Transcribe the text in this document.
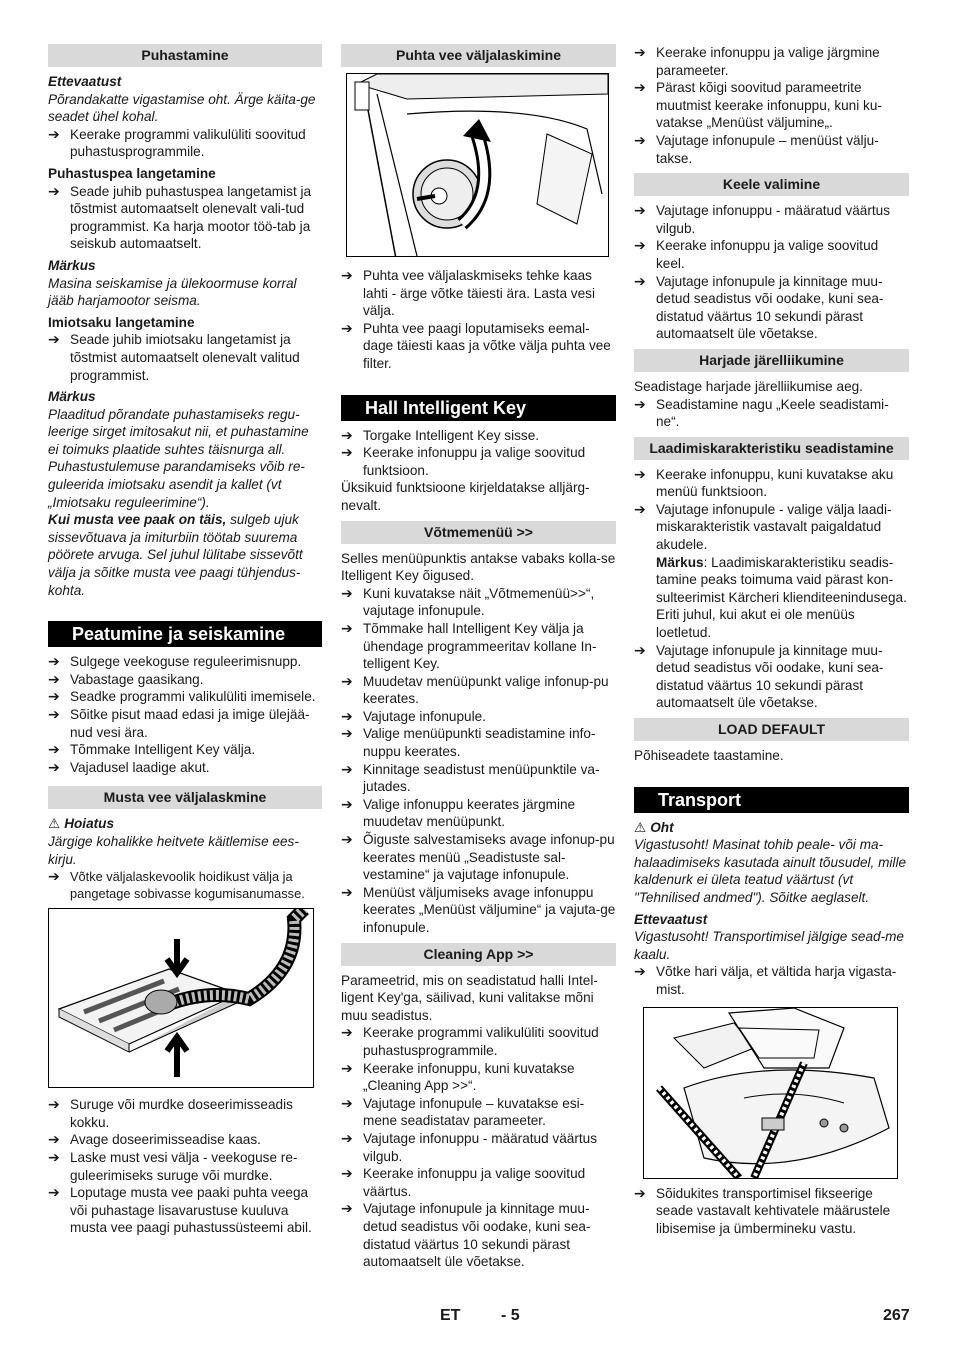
Puhastamine
Ettevaatust

Põrandakatte vigastamise oht. Ärge käita-ge seadet ühel kohal.

➔ Keerake programmi valikulüliti soovitud puhastusprogrammile.
Puhastuspea langetamine
➔ Seade juhib puhastuspea langetamist ja tõstmist automaatselt olenevalt vali-tud programmist. Ka harja mootor töö-tab ja seiskub automaatselt.
Märkus

Masina seiskamise ja ülekoormuse korral jääb harjamootor seisma.

Imiotsaku langetamine
➔ Seade juhib imiotsaku langetamist ja tõstmist automaatselt olenevalt valitud programmist.
Märkus

Plaaditud põrandate puhastamiseks regu-leerige sirget imitosakut nii, et puhastamine ei toimuks plaatide suhtes täisnurga all. Puhastustulemuse parandamiseks võib re-guleerida imiotsaku asendit ja kallet (vt „Imiotsaku reguleerimine“).

Kui musta vee paak on täis, sulgeb ujuk sissevõtuava ja imiturbiin töötab suurema pöörete arvuga. Sel juhul lülitabe sissevõtt välja ja sõitke musta vee paagi tühjendus-kohta.

Peatumine ja seiskamine
➔ Sulgege veekoguse reguleerimisnupp.
➔ Vabastage gaasikang.
➔ Seadke programmi valikulüliti imemisele.
➔ Sõitke pisut maad edasi ja imige ülejää-nud vesi ära.
➔ Tõmmake Intelligent Key välja.
➔ Vajadusel laadige akut.
Musta vee väljalaskmine
⚠ Hoiatus

Järgige kohalikke heitvete käitlemise ees-kirju.

➔ Võtke väljalaskevoolik hoidikust välja ja pangetage sobivasse kogumisanumasse.
➔ Suruge või murdke doseerimisseadis kokku.
➔ Avage doseerimisseadise kaas.
➔ Laske must vesi välja - veekoguse re-guleerimiseks suruge või murdke.
➔ Loputage musta vee paaki puhta veega või puhastage lisavarustuse kuuluva musta vee paagi puhastussüsteemi abil.
Puhta vee väljalaskimine
➔ Puhta vee väljalaskmiseks tehke kaas lahti - ärge võtke täiesti ära. Lasta vesi välja.
➔ Puhta vee paagi loputamiseks eemal-dage täiesti kaas ja võtke välja puhta vee filter.
Hall Intelligent Key
➔ Torgake Intelligent Key sisse.
➔ Keerake infonuppu ja valige soovitud funktsioon.

Üksikuid funktsioone kirjeldatakse alljärg-nevalt.

Võtmemenüü >>

Selles menüüpunktis antakse vabaks kolla-se Itelligent Key õigused.

➔ Kuni kuvatakse näit „Võtmemenüü>>“, vajutage infonupule.
➔ Tõmmake hall Intelligent Key välja ja ühendage programmeeritav kollane In-telligent Key.
➔ Muudetav menüüpunkt valige infonup-pu keerates.
➔ Vajutage infonupule.
➔ Valige menüüpunkti seadistamine info-nuppu keerates.
➔ Kinnitage seadistust menüüpunktile va-jutades.
➔ Valige infonuppu keerates järgmine muudetav menüüpunkt.
➔ Õiguste salvestamiseks avage infonup-pu keerates menüü „Seadistuste sal-vestamine“ ja vajutage infonupule.
➔ Menüüst väljumiseks avage infonuppu keerates „Menüüst väljumine“ ja vajuta-ge infonupule.
Cleaning App >>

Parameetrid, mis on seadistatud halli Intel-ligent Key'ga, säilivad, kuni valitakse mõni muu seadistus.

➔ Keerake programmi valikulüliti soovitud puhastusprogrammile.
➔ Keerake infonuppu, kuni kuvatakse „Cleaning App >>“.
➔ Vajutage infonupule – kuvatakse esi-mene seadistatav parameeter.
➔ Vajutage infonuppu - määratud väärtus vilgub.
➔ Keerake infonuppu ja valige soovitud väärtus.
➔ Vajutage infonupule ja kinnitage muu-detud seadistus või oodake, kuni sea-distatud väärtus 10 sekundi pärast automaatselt üle võetakse.
➔ Keerake infonuppu ja valige järgmine parameeter.
➔ Pärast kõigi soovitud parameetrite muutmist keerake infonuppu, kuni ku-vatakse „Menüüst väljumine„.
➔ Vajutage infonupule – menüüst välju-takse.
Keele valimine
➔ Vajutage infonuppu - määratud väärtus vilgub.
➔ Keerake infonuppu ja valige soovitud keel.
➔ Vajutage infonupule ja kinnitage muu-detud seadistus või oodake, kuni sea-distatud väärtus 10 sekundi pärast automaatselt üle võetakse.
Harjade järelliikumine

Seadistage harjade järelliikumise aeg.

➔ Seadistamine nagu „Keele seadistami-ne“.
Laadimiskarakteristiku seadistamine
➔ Keerake infonuppu, kuni kuvatakse aku menüü funktsioon.
➔ Vajutage infonupule - valige välja laadi-miskarakteristik vastavalt paigaldatud akudele.

Märkus: Laadimiskarakteristiku seadis-tamine peaks toimuma vaid pärast kon-sulteerimist Kärcheri klienditeenindusega. Eriti juhul, kui akut ei ole menüüs loetletud.

➔ Vajutage infonupule ja kinnitage muu-detud seadistus või oodake, kuni sea-distatud väärtus 10 sekundi pärast automaatselt üle võetakse.
LOAD DEFAULT

Põhiseadete taastamine.

Transport
⚠ Oht

Vigastusoht! Masinat tohib peale- või ma-halaadimiseks kasutada ainult tõusudel, mille kaldenurk ei ületa teatud väärtust (vt "Tehnilised andmed"). Sõitke aeglaselt.

Ettevaatust

Vigastusoht! Transportimisel jälgige sead-me kaalu.

➔ Võtke hari välja, et vältida harja vigasta-mist.
➔ Sõidukites transportimisel fikseerige seade vastavalt kehtivatele määrustele libisemise ja ümbermineku vastu.
ET	- 5	267
